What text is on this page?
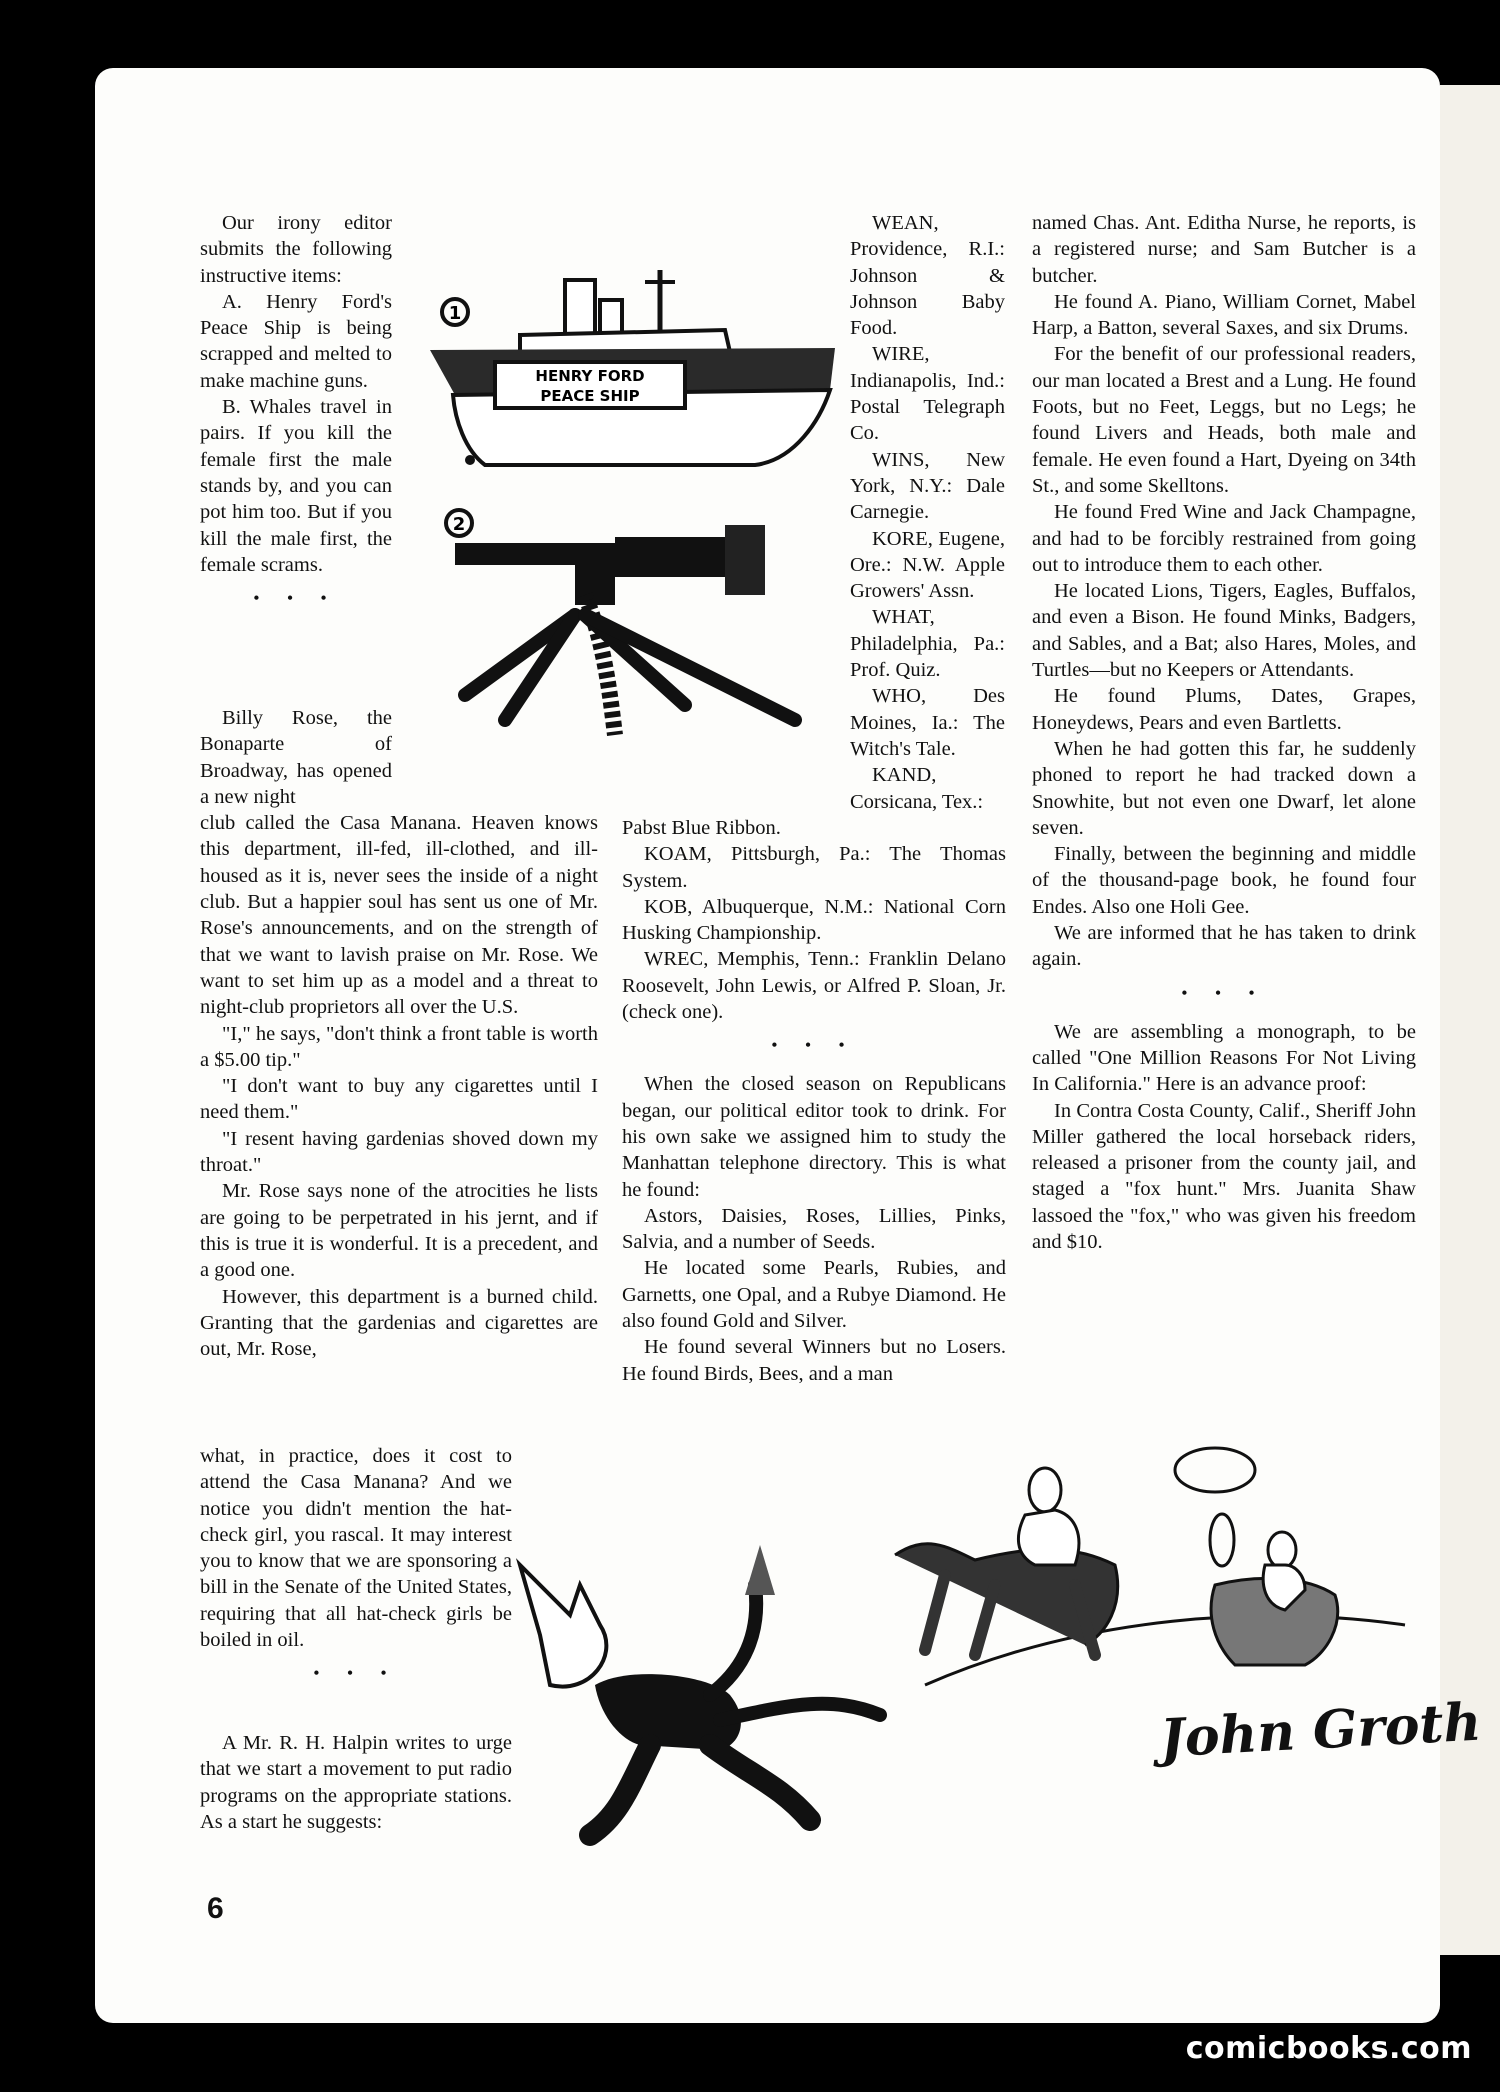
Our irony editor submits the following instructive items:

A. Henry Ford's Peace Ship is being scrapped and melted to make machine guns.

B. Whales travel in pairs. If you kill the female first the male stands by, and you can pot him too. But if you kill the male first, the female scrams.

• • •

Billy Rose, the Bonaparte of Broadway, has opened a new night

club called the Casa Manana. Heaven knows this department, ill-fed, ill-clothed, and ill-housed as it is, never sees the inside of a night club. But a happier soul has sent us one of Mr. Rose's announcements, and on the strength of that we want to lavish praise on Mr. Rose. We want to set him up as a model and a threat to night-club proprietors all over the U.S.

"I," he says, "don't think a front table is worth a $5.00 tip."

"I don't want to buy any cigarettes until I need them."

"I resent having gardenias shoved down my throat."

Mr. Rose says none of the atrocities he lists are going to be perpetrated in his jernt, and if this is true it is wonderful. It is a precedent, and a good one.

However, this department is a burned child. Granting that the gardenias and cigarettes are out, Mr. Rose,

what, in practice, does it cost to attend the Casa Manana? And we notice you didn't mention the hat-check girl, you rascal. It may interest you to know that we are sponsoring a bill in the Senate of the United States, requiring that all hat-check girls be boiled in oil.

• • •

A Mr. R. H. Halpin writes to urge that we start a movement to put radio programs on the appropriate stations. As a start he suggests:

WEAN, Providence, R.I.: Johnson & Johnson Baby Food.

WIRE, Indianapolis, Ind.: Postal Telegraph Co.

WINS, New York, N.Y.: Dale Carnegie.

KORE, Eugene, Ore.: N.W. Apple Growers' Assn.

WHAT, Philadelphia, Pa.: Prof. Quiz.

WHO, Des Moines, Ia.: The Witch's Tale.

KAND, Corsicana, Tex.:

Pabst Blue Ribbon.

KOAM, Pittsburgh, Pa.: The Thomas System.

KOB, Albuquerque, N.M.: National Corn Husking Championship.

WREC, Memphis, Tenn.: Franklin Delano Roosevelt, John Lewis, or Alfred P. Sloan, Jr. (check one).

• • •

When the closed season on Republicans began, our political editor took to drink. For his own sake we assigned him to study the Manhattan telephone directory. This is what he found:

Astors, Daisies, Roses, Lillies, Pinks, Salvia, and a number of Seeds.

He located some Pearls, Rubies, and Garnetts, one Opal, and a Rubye Diamond. He also found Gold and Silver.

He found several Winners but no Losers. He found Birds, Bees, and a man

named Chas. Ant. Editha Nurse, he reports, is a registered nurse; and Sam Butcher is a butcher.

He found A. Piano, William Cornet, Mabel Harp, a Batton, several Saxes, and six Drums.

For the benefit of our professional readers, our man located a Brest and a Lung. He found Foots, but no Feet, Leggs, but no Legs; he found Livers and Heads, both male and female. He even found a Hart, Dyeing on 34th St., and some Skelltons.

He found Fred Wine and Jack Champagne, and had to be forcibly restrained from going out to introduce them to each other.

He located Lions, Tigers, Eagles, Buffalos, and even a Bison. He found Minks, Badgers, and Sables, and a Bat; also Hares, Moles, and Turtles—but no Keepers or Attendants.

He found Plums, Dates, Grapes, Honeydews, Pears and even Bartletts.

When he had gotten this far, he suddenly phoned to report he had tracked down a Snowhite, but not even one Dwarf, let alone seven.

Finally, between the beginning and middle of the thousand-page book, he found four Endes. Also one Holi Gee.

We are informed that he has taken to drink again.

• • •

We are assembling a monograph, to be called "One Million Reasons For Not Living In California." Here is an advance proof:

In Contra Costa County, Calif., Sheriff John Miller gathered the local horseback riders, released a prisoner from the county jail, and staged a "fox hunt." Mrs. Juanita Shaw lassoed the "fox," who was given his freedom and $10.

1
HENRY FORD
PEACE SHIP
2
John Groth
6
comicbooks.com
